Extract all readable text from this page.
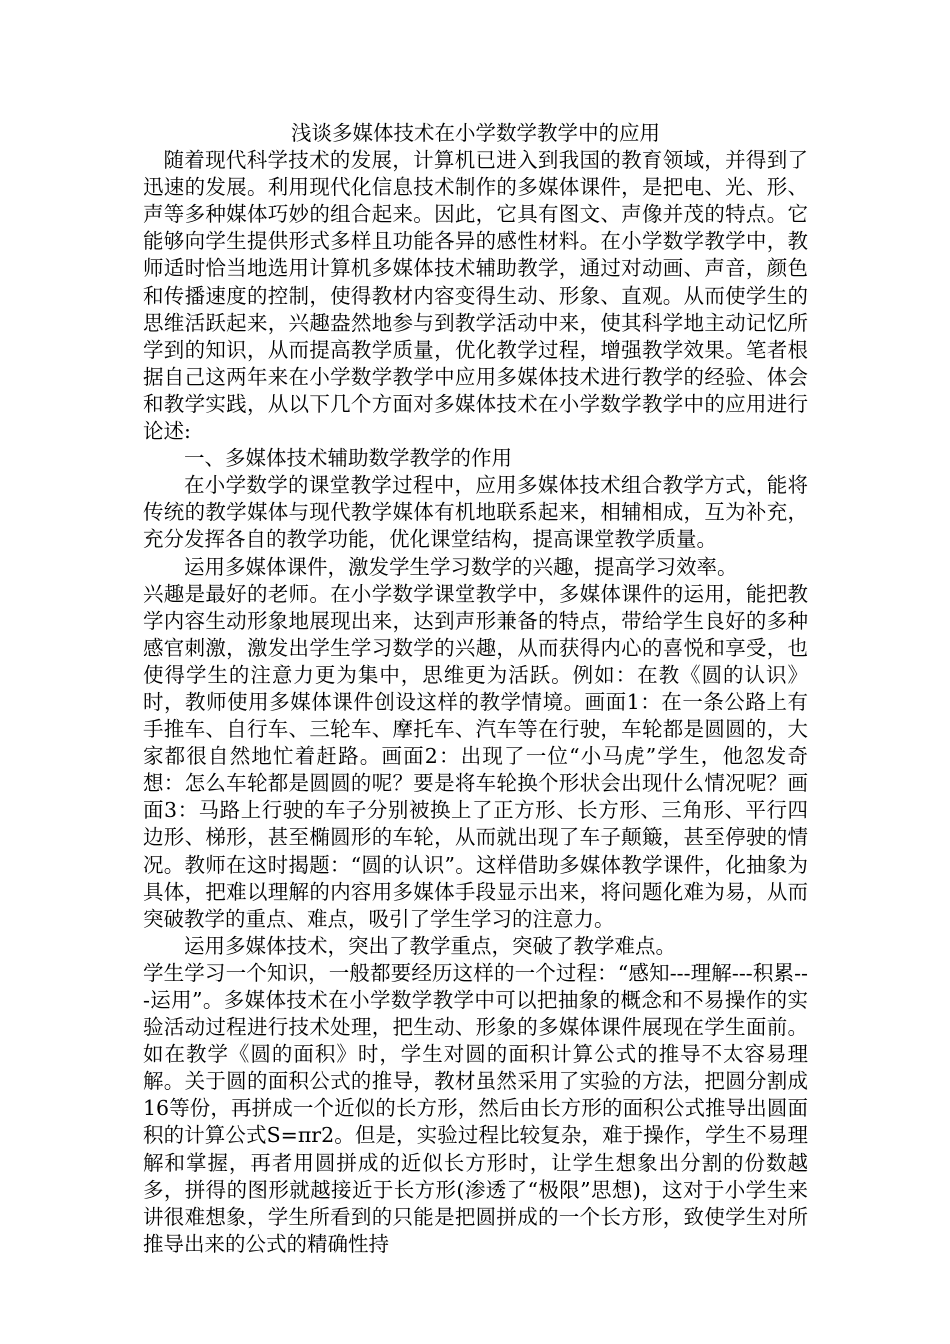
浅谈多媒体技术在小学数学教学中的应用

随着现代科学技术的发展，计算机已进入到我国的教育领域，并得到了迅速的发展。利用现代化信息技术制作的多媒体课件，是把电、光、形、声等多种媒体巧妙的组合起来。因此，它具有图文、声像并茂的特点。它能够向学生提供形式多样且功能各异的感性材料。在小学数学教学中，教师适时恰当地选用计算机多媒体技术辅助教学，通过对动画、声音，颜色和传播速度的控制，使得教材内容变得生动、形象、直观。从而使学生的思维活跃起来，兴趣盎然地参与到教学活动中来，使其科学地主动记忆所学到的知识，从而提高教学质量，优化教学过程，增强教学效果。笔者根据自己这两年来在小学数学教学中应用多媒体技术进行教学的经验、体会和教学实践，从以下几个方面对多媒体技术在小学数学教学中的应用进行论述:

一、多媒体技术辅助数学教学的作用

在小学数学的课堂教学过程中，应用多媒体技术组合教学方式，能将传统的教学媒体与现代教学媒体有机地联系起来，相辅相成，互为补充，充分发挥各自的教学功能，优化课堂结构，提高课堂教学质量。

运用多媒体课件，激发学生学习数学的兴趣，提高学习效率。

兴趣是最好的老师。在小学数学课堂教学中，多媒体课件的运用，能把教学内容生动形象地展现出来，达到声形兼备的特点，带给学生良好的多种感官刺激，激发出学生学习数学的兴趣，从而获得内心的喜悦和享受，也使得学生的注意力更为集中，思维更为活跃。例如：在教《圆的认识》时，教师使用多媒体课件创设这样的教学情境。画面1：在一条公路上有手推车、自行车、三轮车、摩托车、汽车等在行驶，车轮都是圆圆的，大家都很自然地忙着赶路。画面2：出现了一位“小马虎”学生，他忽发奇想：怎么车轮都是圆圆的呢？要是将车轮换个形状会出现什么情况呢？画面3：马路上行驶的车子分别被换上了正方形、长方形、三角形、平行四边形、梯形，甚至椭圆形的车轮，从而就出现了车子颠簸，甚至停驶的情况。教师在这时揭题：“圆的认识”。这样借助多媒体教学课件，化抽象为具体，把难以理解的内容用多媒体手段显示出来，将问题化难为易，从而突破教学的重点、难点，吸引了学生学习的注意力。

运用多媒体技术，突出了教学重点，突破了教学难点。

学生学习一个知识，一般都要经历这样的一个过程：“感知---理解---积累---运用”。多媒体技术在小学数学教学中可以把抽象的概念和不易操作的实验活动过程进行技术处理，把生动、形象的多媒体课件展现在学生面前。如在教学《圆的面积》时，学生对圆的面积计算公式的推导不太容易理解。关于圆的面积公式的推导，教材虽然采用了实验的方法，把圆分割成16等份，再拼成一个近似的长方形，然后由长方形的面积公式推导出圆面积的计算公式S=πr2。但是，实验过程比较复杂，难于操作，学生不易理解和掌握，再者用圆拼成的近似长方形时，让学生想象出分割的份数越多，拼得的图形就越接近于长方形(渗透了“极限”思想)，这对于小学生来讲很难想象，学生所看到的只能是把圆拼成的一个长方形，致使学生对所推导出来的公式的精确性持
